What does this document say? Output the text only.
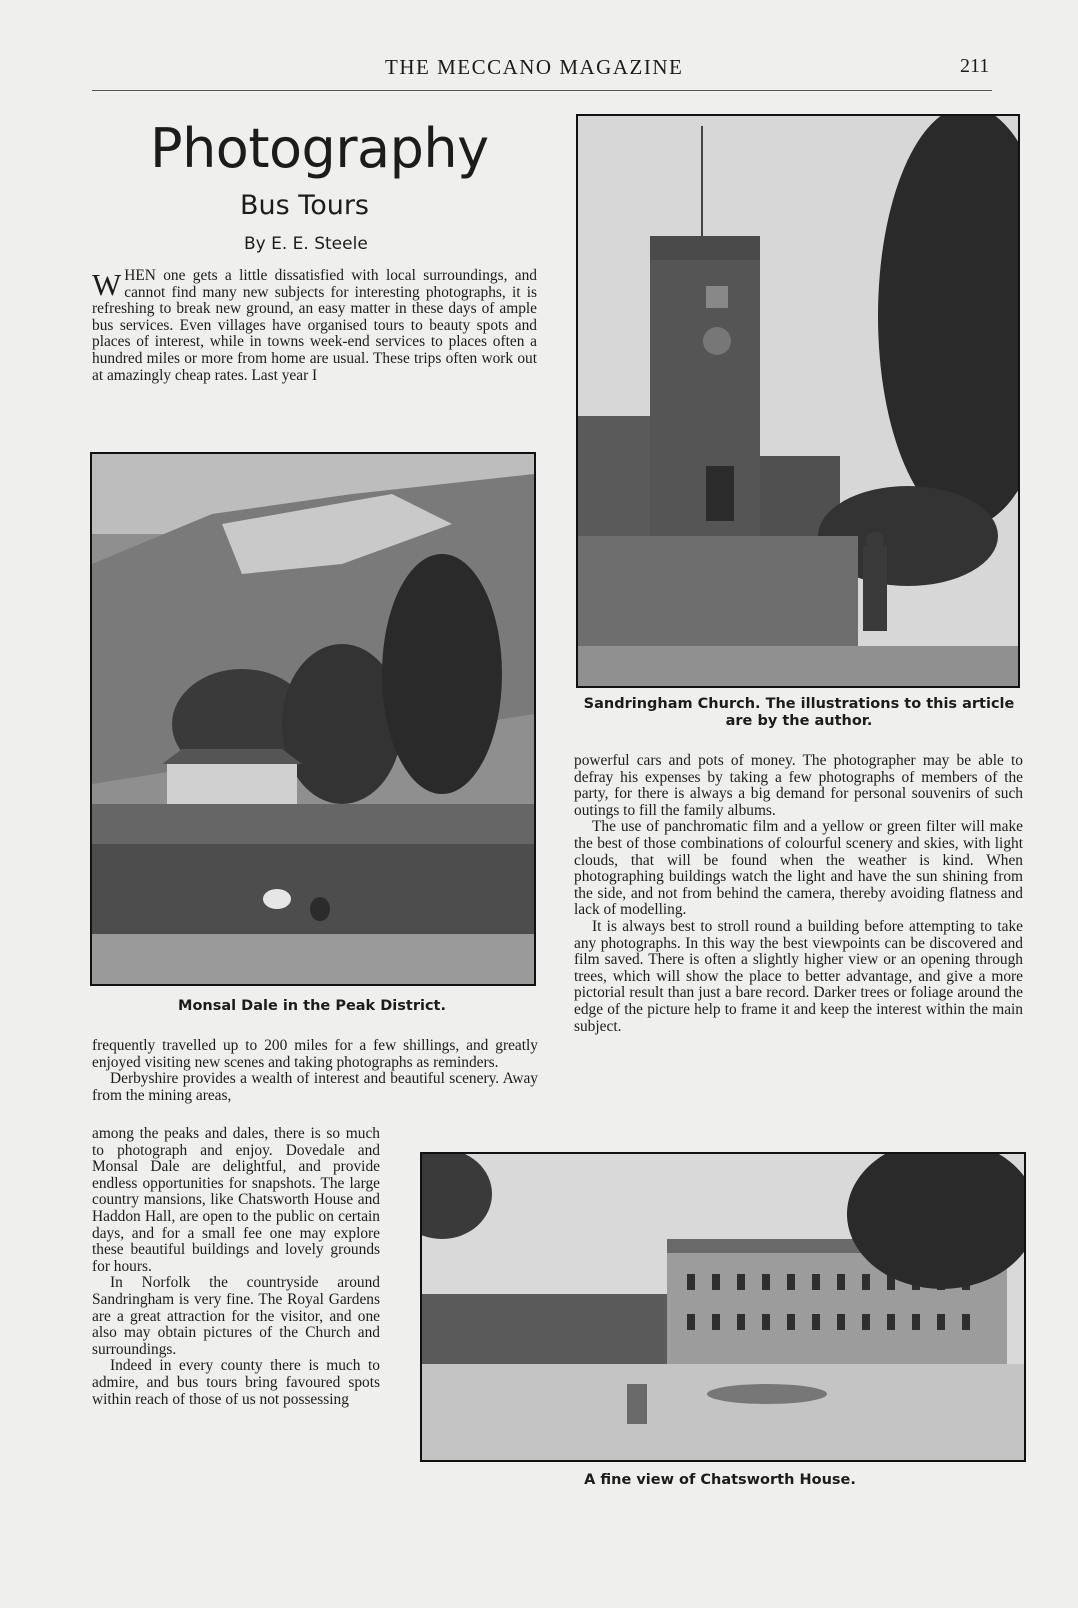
THE MECCANO MAGAZINE	211
Photography
Bus Tours
By E. E. Steele
WHEN one gets a little dissatisfied with local surroundings, and cannot find many new subjects for interesting photographs, it is refreshing to break new ground, an easy matter in these days of ample bus services. Even villages have organised tours to beauty spots and places of interest, while in towns week-end services to places often a hundred miles or more from home are usual. These trips often work out at amazingly cheap rates. Last year I
Monsal Dale in the Peak District.
Sandringham Church. The illustrations to this article are by the author.

powerful cars and pots of money. The photographer may be able to defray his expenses by taking a few photographs of members of the party, for there is always a big demand for personal souvenirs of such outings to fill the family albums.

The use of panchromatic film and a yellow or green filter will make the best of those combinations of colourful scenery and skies, with light clouds, that will be found when the weather is kind. When photographing buildings watch the light and have the sun shining from the side, and not from behind the camera, thereby avoiding flatness and lack of modelling.

It is always best to stroll round a building before attempting to take any photographs. In this way the best viewpoints can be discovered and film saved. There is often a slightly higher view or an opening through trees, which will show the place to better advantage, and give a more pictorial result than just a bare record. Darker trees or foliage around the edge of the picture help to frame it and keep the interest within the main subject.

frequently travelled up to 200 miles for a few shillings, and greatly enjoyed visiting new scenes and taking photographs as reminders.

Derbyshire provides a wealth of interest and beautiful scenery. Away from the mining areas,

among the peaks and dales, there is so much to photograph and enjoy. Dovedale and Monsal Dale are delightful, and provide endless opportunities for snapshots. The large country mansions, like Chatsworth House and Haddon Hall, are open to the public on certain days, and for a small fee one may explore these beautiful buildings and lovely grounds for hours.

In Norfolk the countryside around Sandringham is very fine. The Royal Gardens are a great attraction for the visitor, and one also may obtain pictures of the Church and surroundings.

Indeed in every county there is much to admire, and bus tours bring favoured spots within reach of those of us not possessing

A fine view of Chatsworth House.
